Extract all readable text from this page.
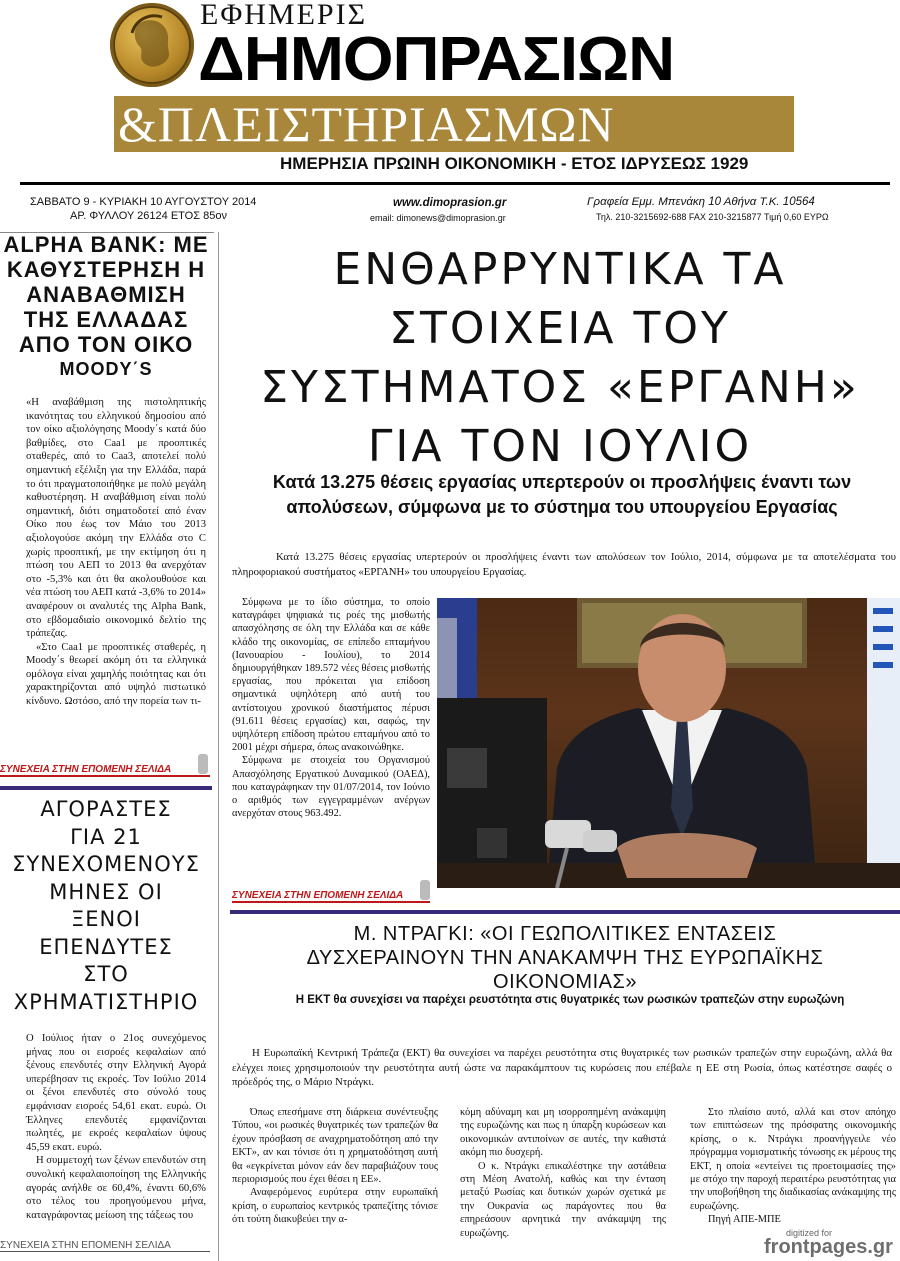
ΕΦΗΜΕΡΙΣ
ΔΗΜΟΠΡΑΣΙΩΝ
&ΠΛΕΙΣΤΗΡΙΑΣΜΩΝ
ΗΜΕΡΗΣΙΑ ΠΡΩΙΝΗ ΟΙΚΟΝΟΜΙΚΗ - ΕΤΟΣ ΙΔΡΥΣΕΩΣ 1929
ΣΑΒΒΑΤΟ 9 - ΚΥΡΙΑΚΗ 10 ΑΥΓΟΥΣΤΟΥ 2014
ΑΡ. ΦΥΛΛΟΥ 26124 ΕΤΟΣ 85ον
www.dimoprasion.gr
email: dimonews@dimoprasion.gr
Γραφεία Εμμ. Μπενάκη 10 Αθήνα Τ.Κ. 10564
Τηλ. 210-3215692-688 FAX 210-3215877 Τιμή 0,60 ΕΥΡΩ
ALPHA BANK: ΜΕ
ΚΑΘΥΣΤΕΡΗΣΗ Η
ΑΝΑΒΑΘΜΙΣΗ
ΤΗΣ ΕΛΛΑΔΑΣ
ΑΠΟ ΤΟΝ ΟΙΚΟ
MOODY΄S
«Η αναβάθμιση της πιστοληπτικής ικανότητας του ελληνικού δημοσίου από τον οίκο αξιολόγησης Moody΄s κατά δύο βαθμίδες, στο Caa1 με προοπτικές σταθερές, από το Caa3, αποτελεί πολύ σημαντική εξέλιξη για την Ελλάδα, παρά το ότι πραγματοποιήθηκε με πολύ μεγάλη καθυστέρηση. Η αναβάθμιση είναι πολύ σημαντική, διότι σηματοδοτεί από έναν Οίκο που έως τον Μάιο του 2013 αξιολογούσε ακόμη την Ελλάδα στο C χωρίς προοπτική, με την εκτίμηση ότι η πτώση του ΑΕΠ το 2013 θα ανερχόταν στο -5,3% και ότι θα ακολουθούσε και νέα πτώση του ΑΕΠ κατά -3,6% το 2014» αναφέρουν οι αναλυτές της Alpha Bank, στο εβδομαδιαίο οικονομικό δελτίο της τράπεζας.
«Στο Caa1 με προοπτικές σταθερές, η Moody΄s θεωρεί ακόμη ότι τα ελληνικά ομόλογα είναι χαμηλής ποιότητας και ότι χαρακτηρίζονται από υψηλό πιστωτικό κίνδυνο. Ωστόσο, από την πορεία των τι-
ΣΥΝΕΧΕΙΑ ΣΤΗΝ ΕΠΟΜΕΝΗ ΣΕΛΙΔΑ
ΑΓΟΡΑΣΤΕΣ
ΓΙΑ 21
ΣΥΝΕΧΟΜΕΝΟΥΣ
ΜΗΝΕΣ ΟΙ
ΞΕΝΟΙ
ΕΠΕΝΔΥΤΕΣ
ΣΤΟ
ΧΡΗΜΑΤΙΣΤΗΡΙΟ
Ο Ιούλιος ήταν ο 21ος συνεχόμενος μήνας που οι εισροές κεφαλαίων από ξένους επενδυτές στην Ελληνική Αγορά υπερέβησαν τις εκροές. Τον Ιούλιο 2014 οι ξένοι επενδυτές στο σύνολό τους εμφάνισαν εισροές 54,61 εκατ. ευρώ. Οι Έλληνες επενδυτές εμφανίζονται πωλητές, με εκροές κεφαλαίων ύψους 45,59 εκατ. ευρώ.
Η συμμετοχή των ξένων επενδυτών στη συνολική κεφαλαιοποίηση της Ελληνικής αγοράς ανήλθε σε 60,4%, έναντι 60,6% στο τέλος του προηγούμενου μήνα, καταγράφοντας μείωση της τάξεως του
ΣΥΝΕΧΕΙΑ ΣΤΗΝ ΕΠΟΜΕΝΗ ΣΕΛΙΔΑ
ΕΝΘΑΡΡΥΝΤΙΚΑ ΤΑ
ΣΤΟΙΧΕΙΑ ΤΟΥ
ΣΥΣΤΗΜΑΤΟΣ «ΕΡΓΑΝΗ»
ΓΙΑ ΤΟΝ ΙΟΥΛΙΟ
Κατά 13.275 θέσεις εργασίας υπερτερούν οι προσλήψεις έναντι των απολύσεων, σύμφωνα με το σύστημα του υπουργείου Εργασίας
Κατά 13.275 θέσεις εργασίας υπερτερούν οι προσλήψεις έναντι των απολύσεων τον Ιούλιο, 2014, σύμφωνα με τα αποτελέσματα του πληροφοριακού συστήματος «ΕΡΓΑΝΗ» του υπουργείου Εργασίας.
Σύμφωνα με το ίδιο σύστημα, το οποίο καταγράφει ψηφιακά τις ροές της μισθωτής απασχόλησης σε όλη την Ελλάδα και σε κάθε κλάδο της οικονομίας, σε επίπεδο επταμήνου (Ιανουαρίου - Ιουλίου), το 2014 δημιουργήθηκαν 189.572 νέες θέσεις μισθωτής εργασίας, που πρόκειται για επίδοση σημαντικά υψηλότερη από αυτή του αντίστοιχου χρονικού διαστήματος πέρυσι (91.611 θέσεις εργασίας) και, σαφώς, την υψηλότερη επίδοση πρώτου επταμήνου από το 2001 μέχρι σήμερα, όπως ανακοινώθηκε.
Σύμφωνα με στοιχεία του Οργανισμού Απασχόλησης Εργατικού Δυναμικού (ΟΑΕΔ), που καταγράφηκαν την 01/07/2014, τον Ιούνιο ο αριθμός των εγγεγραμμένων ανέργων ανερχόταν στους 963.492.
ΣΥΝΕΧΕΙΑ ΣΤΗΝ ΕΠΟΜΕΝΗ ΣΕΛΙΔΑ
Μ. ΝΤΡΑΓΚΙ: «ΟΙ ΓΕΩΠΟΛΙΤΙΚΕΣ ΕΝΤΑΣΕΙΣ
ΔΥΣΧΕΡΑΙΝΟΥΝ ΤΗΝ ΑΝΑΚΑΜΨΗ ΤΗΣ ΕΥΡΩΠΑΪΚΗΣ
ΟΙΚΟΝΟΜΙΑΣ»
Η ΕΚΤ θα συνεχίσει να παρέχει ρευστότητα στις θυγατρικές των ρωσικών τραπεζών στην ευρωζώνη
Η Ευρωπαϊκή Κεντρική Τράπεζα (ΕΚΤ) θα συνεχίσει να παρέχει ρευστότητα στις θυγατρικές των ρωσικών τραπεζών στην ευρωζώνη, αλλά θα ελέγχει ποιες χρησιμοποιούν την ρευστότητα αυτή ώστε να παρακάμπτουν τις κυρώσεις που επέβαλε η ΕΕ στη Ρωσία, όπως κατέστησε σαφές ο πρόεδρός της, ο Μάριο Ντράγκι.
Όπως επεσήμανε στη διάρκεια συνέντευξης Τύπου, «οι ρωσικές θυγατρικές των τραπεζών θα έχουν πρόσβαση σε αναχρηματοδότηση από την ΕΚΤ», αν και τόνισε ότι η χρηματοδότηση αυτή θα «εγκρίνεται μόνον εάν δεν παραβιάζουν τους περιορισμούς που έχει θέσει η ΕΕ».
Αναφερόμενος ευρύτερα στην ευρωπαϊκή κρίση, ο ευρωπαίος κεντρικός τραπεζίτης τόνισε ότι τούτη διακυβεύει την α-
κόμη αδύναμη και μη ισορροπημένη ανάκαμψη της ευρωζώνης και πως η ύπαρξη κυρώσεων και οικονομικών αντιποίνων σε αυτές, την καθιστά ακόμη πιο δυσχερή.
Ο κ. Ντράγκι επικαλέστηκε την αστάθεια στη Μέση Ανατολή, καθώς και την ένταση μεταξύ Ρωσίας και δυτικών χωρών σχετικά με την Ουκρανία ως παράγοντες που θα επηρεάσουν αρνητικά την ανάκαμψη της ευρωζώνης.
Στο πλαίσιο αυτό, αλλά και στον απόηχο των επιπτώσεων της πρόσφατης οικονομικής κρίσης, ο κ. Ντράγκι προανήγγειλε νέο πρόγραμμα νομισματικής τόνωσης εκ μέρους της ΕΚΤ, η οποία «εντείνει τις προετοιμασίες της» με στόχο την παροχή περαιτέρω ρευστότητας για την υποβοήθηση της διαδικασίας ανάκαμψης της ευρωζώνης.
Πηγή ΑΠΕ-ΜΠΕ
digitized for
frontpages.gr
